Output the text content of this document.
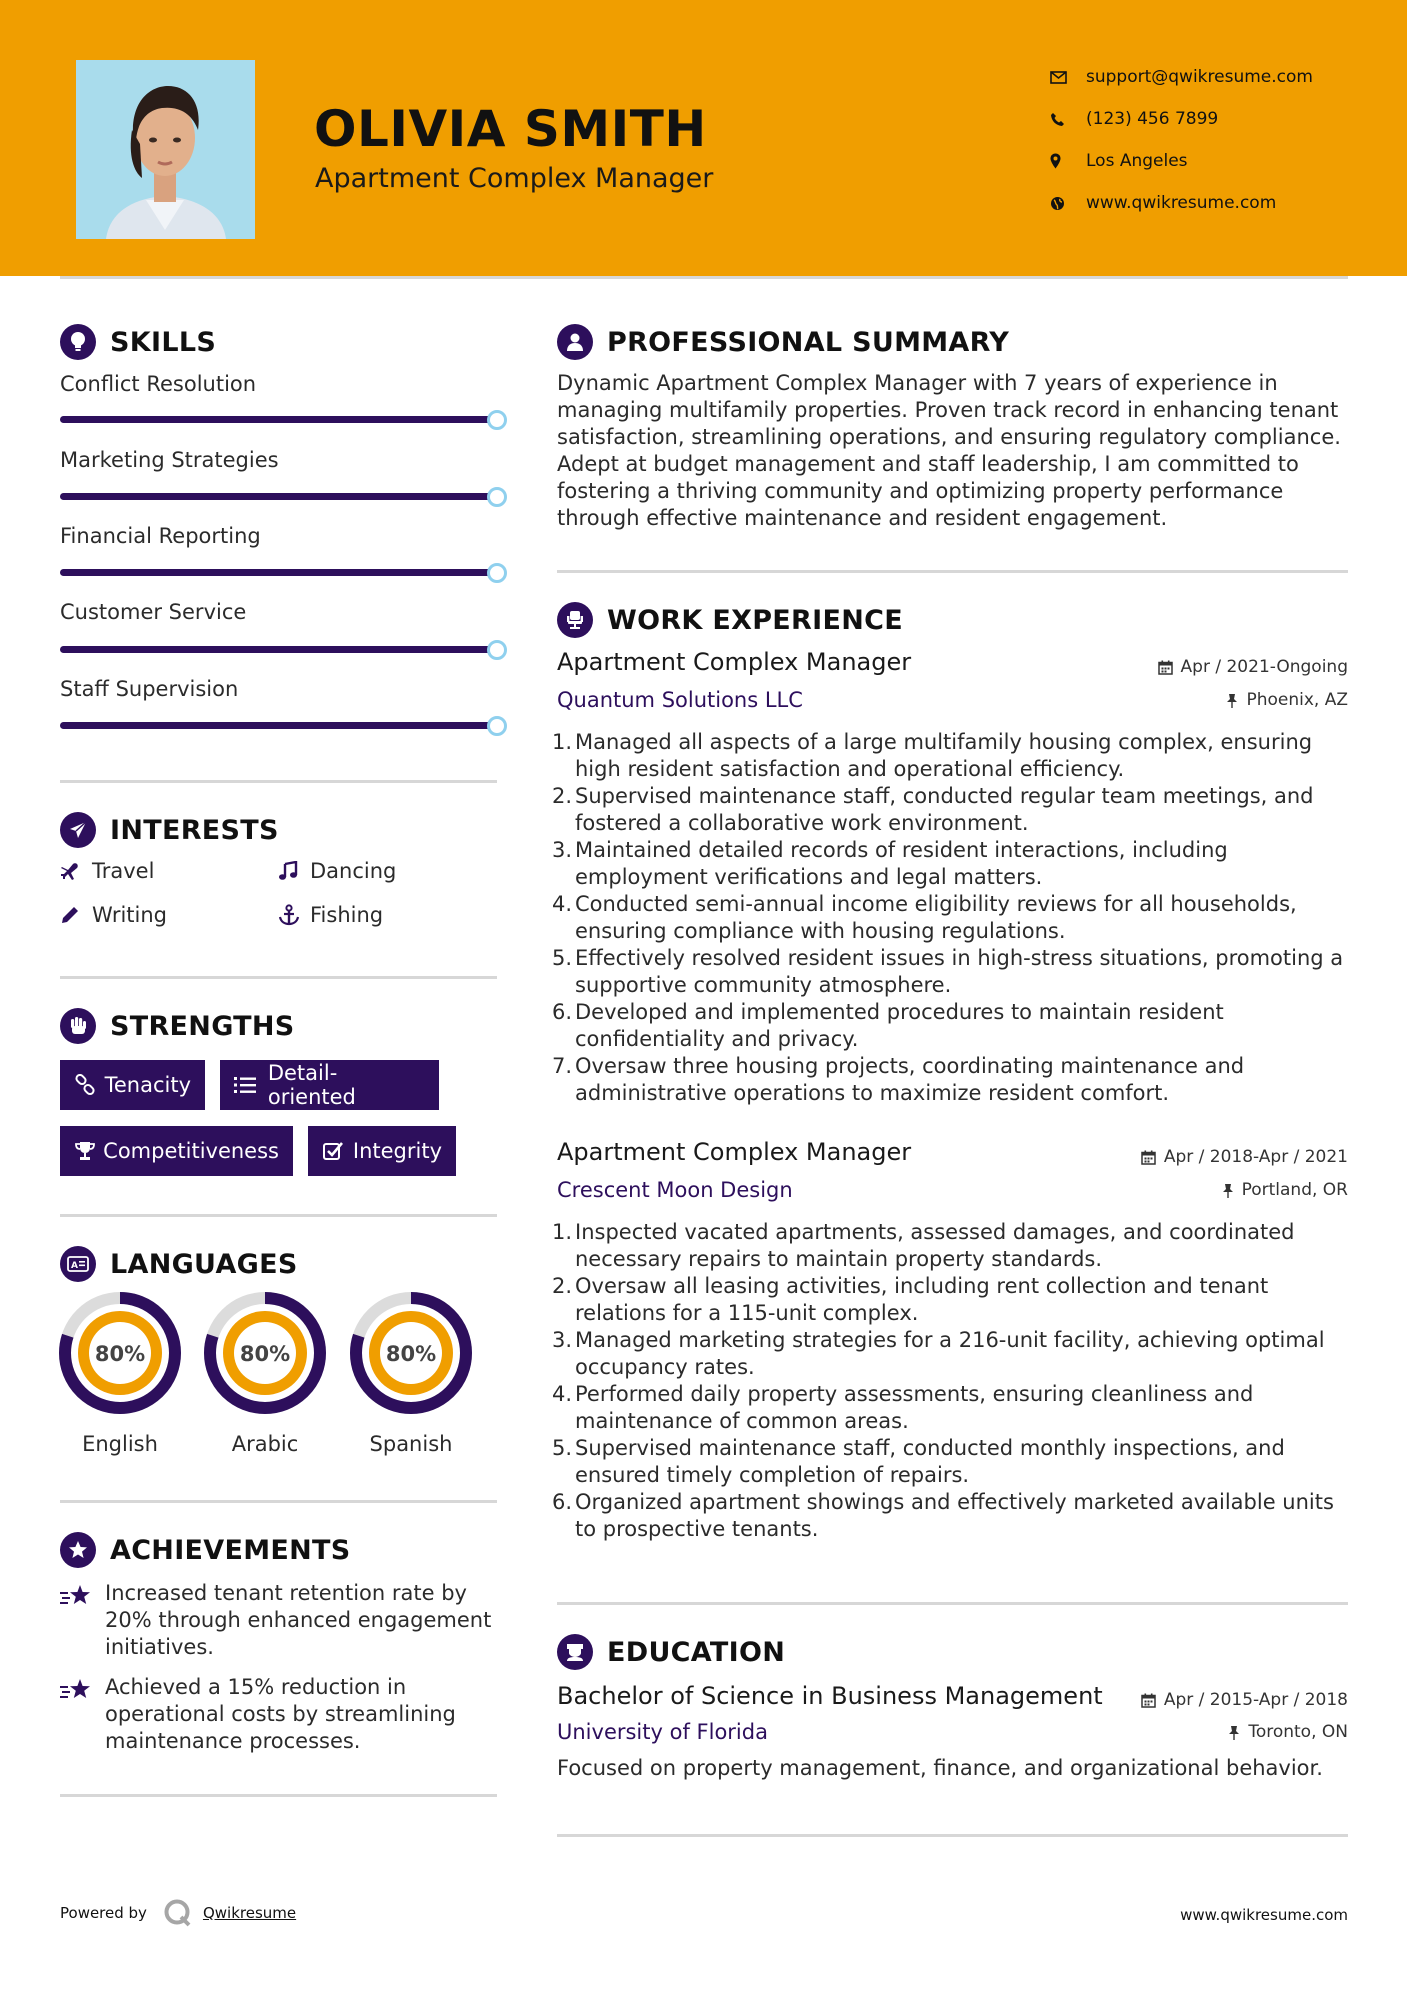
OLIVIA SMITH
Apartment Complex Manager
support@qwikresume.com
(123) 456 7899
Los Angeles
www.qwikresume.com
SKILLS
Conflict Resolution
Marketing Strategies
Financial Reporting
Customer Service
Staff Supervision
INTERESTS
Travel	Dancing
Writing	Fishing
STRENGTHS
Tenacity	Detail-oriented
Competitiveness	Integrity
A LANGUAGES
80%
English
80%
Arabic
80%
Spanish
ACHIEVEMENTS
Increased tenant retention rate by 20% through enhanced engagement initiatives.
Achieved a 15% reduction in operational costs by streamlining maintenance processes.
PROFESSIONAL SUMMARY
Dynamic Apartment Complex Manager with 7 years of experience in managing multifamily properties. Proven track record in enhancing tenant satisfaction, streamlining operations, and ensuring regulatory compliance. Adept at budget management and staff leadership, I am committed to fostering a thriving community and optimizing property performance through effective maintenance and resident engagement.
WORK EXPERIENCE
Apartment Complex Manager	Apr / 2021-Ongoing
Quantum Solutions LLC	Phoenix, AZ
1. Managed all aspects of a large multifamily housing complex, ensuring high resident satisfaction and operational efficiency.
2. Supervised maintenance staff, conducted regular team meetings, and fostered a collaborative work environment.
3. Maintained detailed records of resident interactions, including employment verifications and legal matters.
4. Conducted semi-annual income eligibility reviews for all households, ensuring compliance with housing regulations.
5. Effectively resolved resident issues in high-stress situations, promoting a supportive community atmosphere.
6. Developed and implemented procedures to maintain resident confidentiality and privacy.
7. Oversaw three housing projects, coordinating maintenance and administrative operations to maximize resident comfort.
Apartment Complex Manager	Apr / 2018-Apr / 2021
Crescent Moon Design	Portland, OR
1. Inspected vacated apartments, assessed damages, and coordinated necessary repairs to maintain property standards.
2. Oversaw all leasing activities, including rent collection and tenant relations for a 115-unit complex.
3. Managed marketing strategies for a 216-unit facility, achieving optimal occupancy rates.
4. Performed daily property assessments, ensuring cleanliness and maintenance of common areas.
5. Supervised maintenance staff, conducted monthly inspections, and ensured timely completion of repairs.
6. Organized apartment showings and effectively marketed available units to prospective tenants.
EDUCATION
Bachelor of Science in Business Management	Apr / 2015-Apr / 2018
University of Florida	Toronto, ON
Focused on property management, finance, and organizational behavior.
Powered by	Qwikresume	www.qwikresume.com
